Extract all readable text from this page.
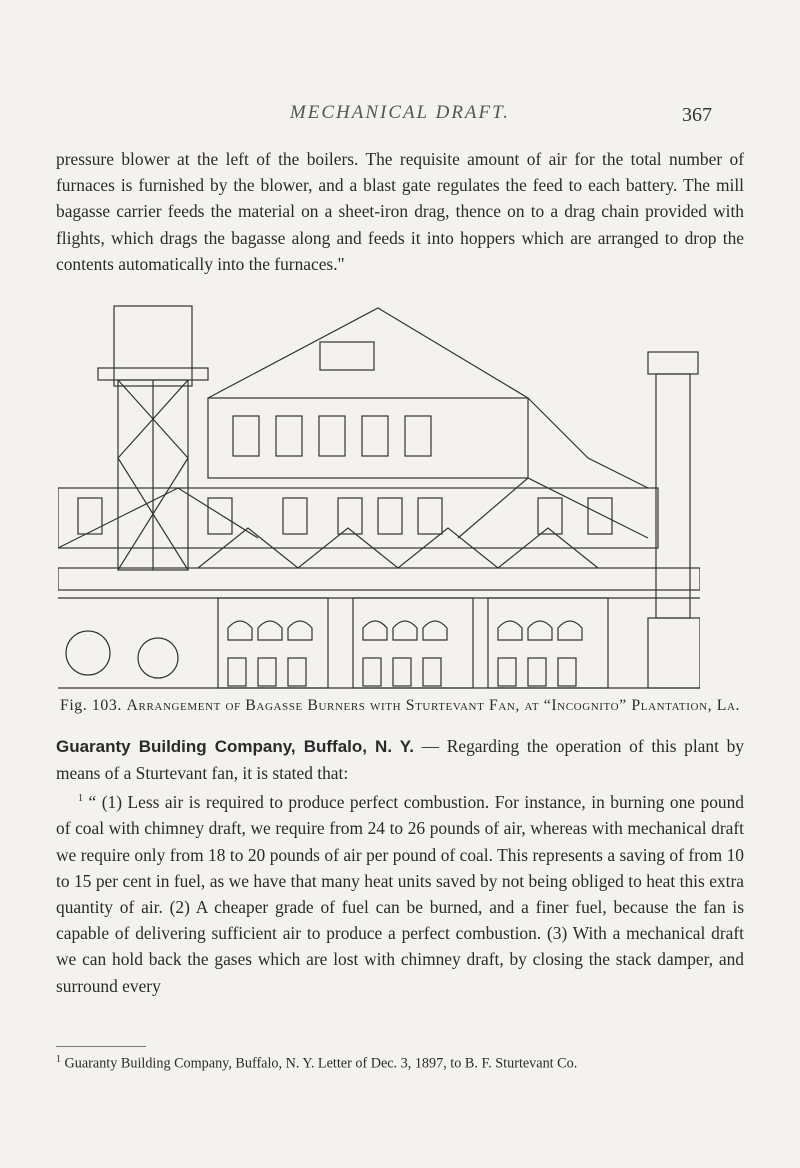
MECHANICAL DRAFT.	367

pressure blower at the left of the boilers. The requisite amount of air for the total number of furnaces is furnished by the blower, and a blast gate regulates the feed to each battery. The mill bagasse carrier feeds the material on a sheet-iron drag, thence on to a drag chain provided with flights, which drags the bagasse along and feeds it into hoppers which are arranged to drop the contents automatically into the furnaces."

Fig. 103. Arrangement of Bagasse Burners with Sturtevant Fan, at “Incognito” Plantation, La.
Guaranty Building Company, Buffalo, N. Y. — Regarding the operation of this plant by means of a Sturtevant fan, it is stated that:
$^1$ “ (1) Less air is required to produce perfect combustion. For instance, in burning one pound of coal with chimney draft, we require from 24 to 26 pounds of air, whereas with mechanical draft we require only from 18 to 20 pounds of air per pound of coal. This represents a saving of from 10 to 15 per cent in fuel, as we have that many heat units saved by not being obliged to heat this extra quantity of air. (2) A cheaper grade of fuel can be burned, and a finer fuel, because the fan is capable of delivering sufficient air to produce a perfect combustion. (3) With a mechanical draft we can hold back the gases which are lost with chimney draft, by closing the stack damper, and surround every
$^1$ Guaranty Building Company, Buffalo, N. Y. Letter of Dec. 3, 1897, to B. F. Sturtevant Co.
